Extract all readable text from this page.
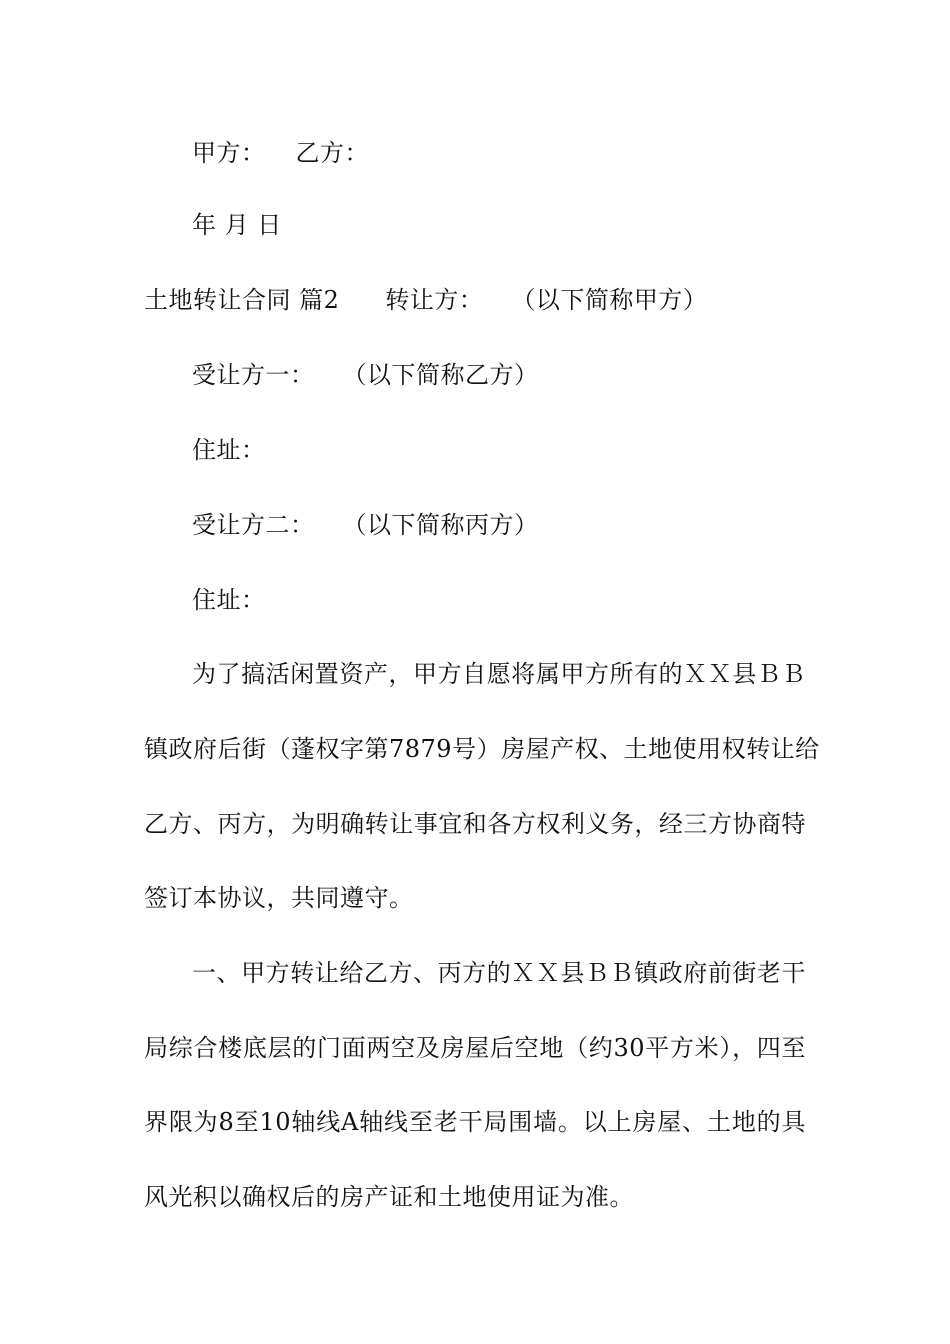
甲方： 乙方：
年 月 日
土地转让合同 篇2 转让方： （以下简称甲方）
受让方一： （以下简称乙方）
住址：
受让方二： （以下简称丙方）
住址：
为了搞活闲置资产，甲方自愿将属甲方所有的ＸＸ县ＢＢ
镇政府后街（蓬权字第7879号）房屋产权、土地使用权转让给
乙方、丙方，为明确转让事宜和各方权利义务，经三方协商特
签订本协议，共同遵守。
一、甲方转让给乙方、丙方的ＸＸ县ＢＢ镇政府前街老干
局综合楼底层的门面两空及房屋后空地（约30平方米），四至
界限为8至10轴线A轴线至老干局围墙。以上房屋、土地的具
风光积以确权后的房产证和土地使用证为准。
